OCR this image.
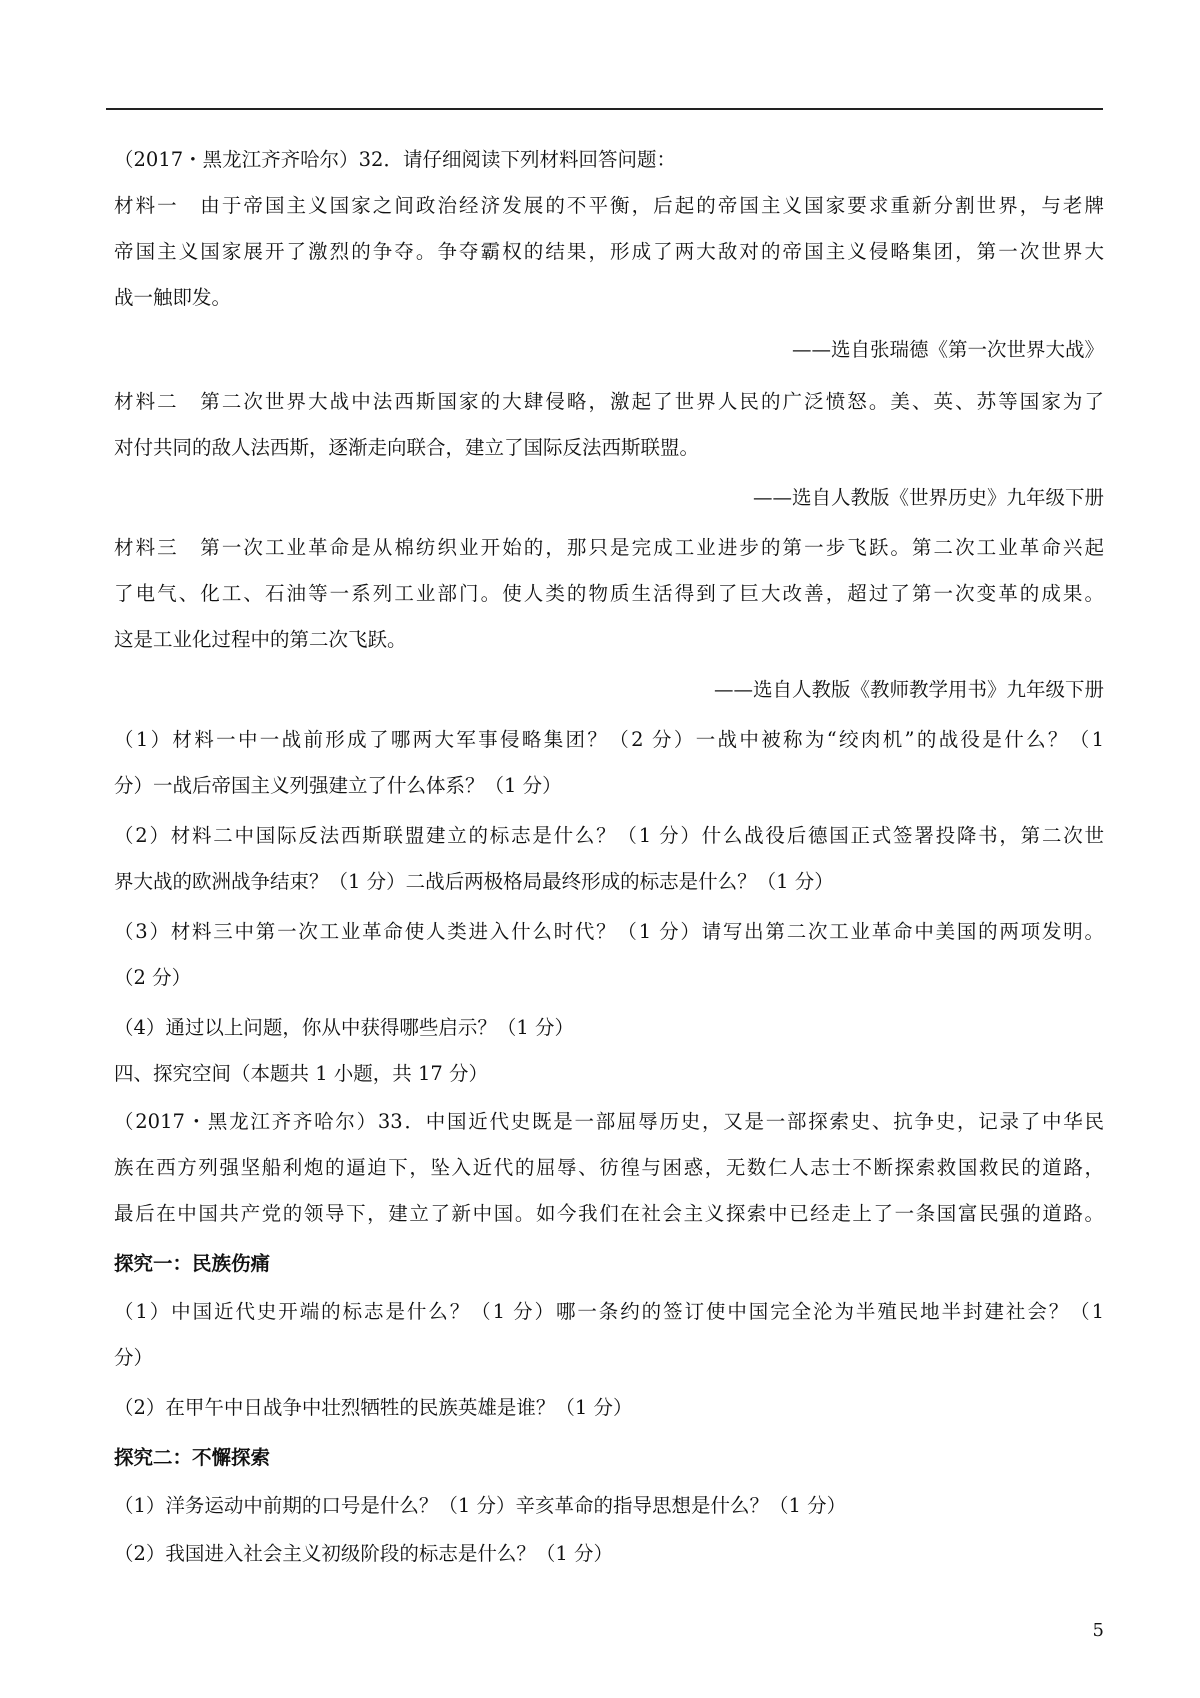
（2017・黑龙江齐齐哈尔）32．请仔细阅读下列材料回答问题：
材料一　由于帝国主义国家之间政治经济发展的不平衡，后起的帝国主义国家要求重新分割世界，与老牌
帝国主义国家展开了激烈的争夺。争夺霸权的结果，形成了两大敌对的帝国主义侵略集团，第一次世界大
战一触即发。
——选自张瑞德《第一次世界大战》
材料二　第二次世界大战中法西斯国家的大肆侵略，激起了世界人民的广泛愤怒。美、英、苏等国家为了
对付共同的敌人法西斯，逐渐走向联合，建立了国际反法西斯联盟。
——选自人教版《世界历史》九年级下册
材料三　第一次工业革命是从棉纺织业开始的，那只是完成工业进步的第一步飞跃。第二次工业革命兴起
了电气、化工、石油等一系列工业部门。使人类的物质生活得到了巨大改善，超过了第一次变革的成果。
这是工业化过程中的第二次飞跃。
——选自人教版《教师教学用书》九年级下册
（1）材料一中一战前形成了哪两大军事侵略集团？（2 分）一战中被称为“绞肉机”的战役是什么？（1
分）一战后帝国主义列强建立了什么体系？（1 分）
（2）材料二中国际反法西斯联盟建立的标志是什么？（1 分）什么战役后德国正式签署投降书，第二次世
界大战的欧洲战争结束？（1 分）二战后两极格局最终形成的标志是什么？（1 分）
（3）材料三中第一次工业革命使人类进入什么时代？（1 分）请写出第二次工业革命中美国的两项发明。
（2 分）
（4）通过以上问题，你从中获得哪些启示？（1 分）
四、探究空间（本题共 1 小题，共 17 分）
（2017・黑龙江齐齐哈尔）33．中国近代史既是一部屈辱历史，又是一部探索史、抗争史，记录了中华民
族在西方列强坚船利炮的逼迫下，坠入近代的屈辱、彷徨与困惑，无数仁人志士不断探索救国救民的道路，
最后在中国共产党的领导下，建立了新中国。如今我们在社会主义探索中已经走上了一条国富民强的道路。
探究一：民族伤痛
（1）中国近代史开端的标志是什么？（1 分）哪一条约的签订使中国完全沦为半殖民地半封建社会？（1
分）
（2）在甲午中日战争中壮烈牺牲的民族英雄是谁？（1 分）
探究二：不懈探索
（1）洋务运动中前期的口号是什么？（1 分）辛亥革命的指导思想是什么？（1 分）
（2）我国进入社会主义初级阶段的标志是什么？（1 分）
5
